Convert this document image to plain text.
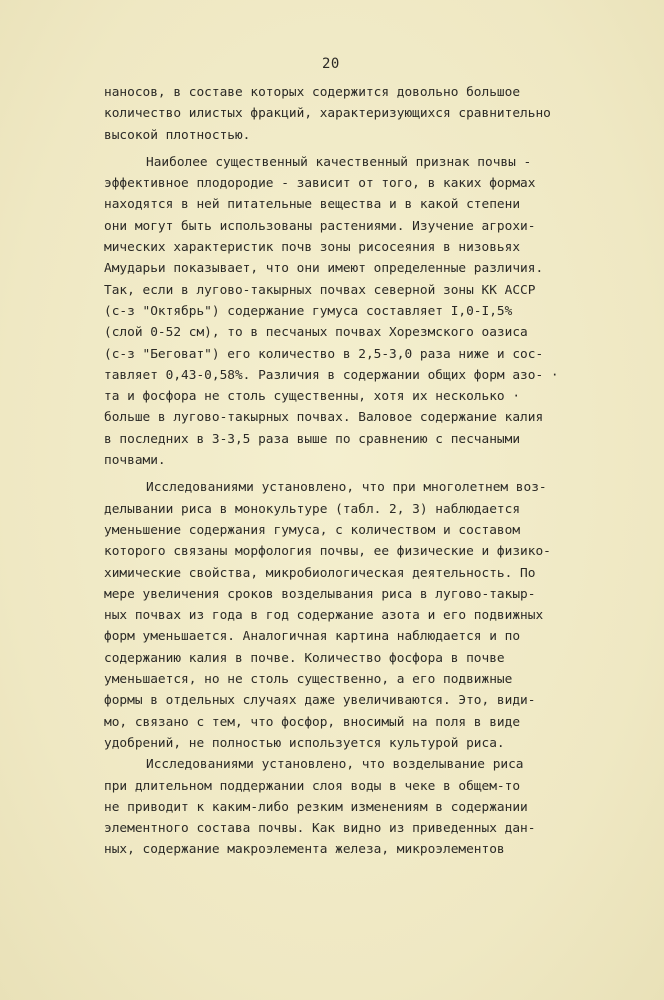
20
наносов, в составе которых содержится довольно большое
количество илистых фракций, характеризующихся сравнительно
высокой плотностью.
Наиболее существенный качественный признак почвы -
эффективное плодородие - зависит от того, в каких формах
находятся в ней питательные вещества и в какой степени
они могут быть использованы растениями. Изучение агрохи-
мических характеристик почв зоны рисосеяния в низовьях
Амударьи показывает, что они имеют определенные различия.
Так, если в лугово-такырных почвах северной зоны КК АССР
(с-з "Октябрь") содержание гумуса составляет I,0-I,5%
(слой 0-52 см), то в песчаных почвах Хорезмского оазиса
(с-з "Беговат") его количество в 2,5-3,0 раза ниже и сос-
тавляет 0,43-0,58%. Различия в содержании общих форм азо- ·
та и фосфора не столь существенны, хотя их несколько ·
больше в лугово-такырных почвах. Валовое содержание калия
в последних в 3-3,5 раза выше по сравнению с песчаными
почвами.
Исследованиями установлено, что при многолетнем воз-
делывании риса в монокультуре (табл. 2, 3) наблюдается
уменьшение содержания гумуса, с количеством и составом
которого связаны морфология почвы, ее физические и физико-
химические свойства, микробиологическая деятельность. По
мере увеличения сроков возделывания риса в лугово-такыр-
ных почвах из года в год содержание азота и его подвижных
форм уменьшается. Аналогичная картина наблюдается и по
содержанию калия в почве. Количество фосфора в почве
уменьшается, но не столь существенно, а его подвижные
формы в отдельных случаях даже увеличиваются. Это, види-
мо, связано с тем, что фосфор, вносимый на поля в виде
удобрений, не полностью используется культурой риса.
Исследованиями установлено, что возделывание риса
при длительном поддержании слоя воды в чеке в общем-то
не приводит к каким-либо резким изменениям в содержании
элементного состава почвы. Как видно из приведенных дан-
ных, содержание макроэлемента железа, микроэлементов
